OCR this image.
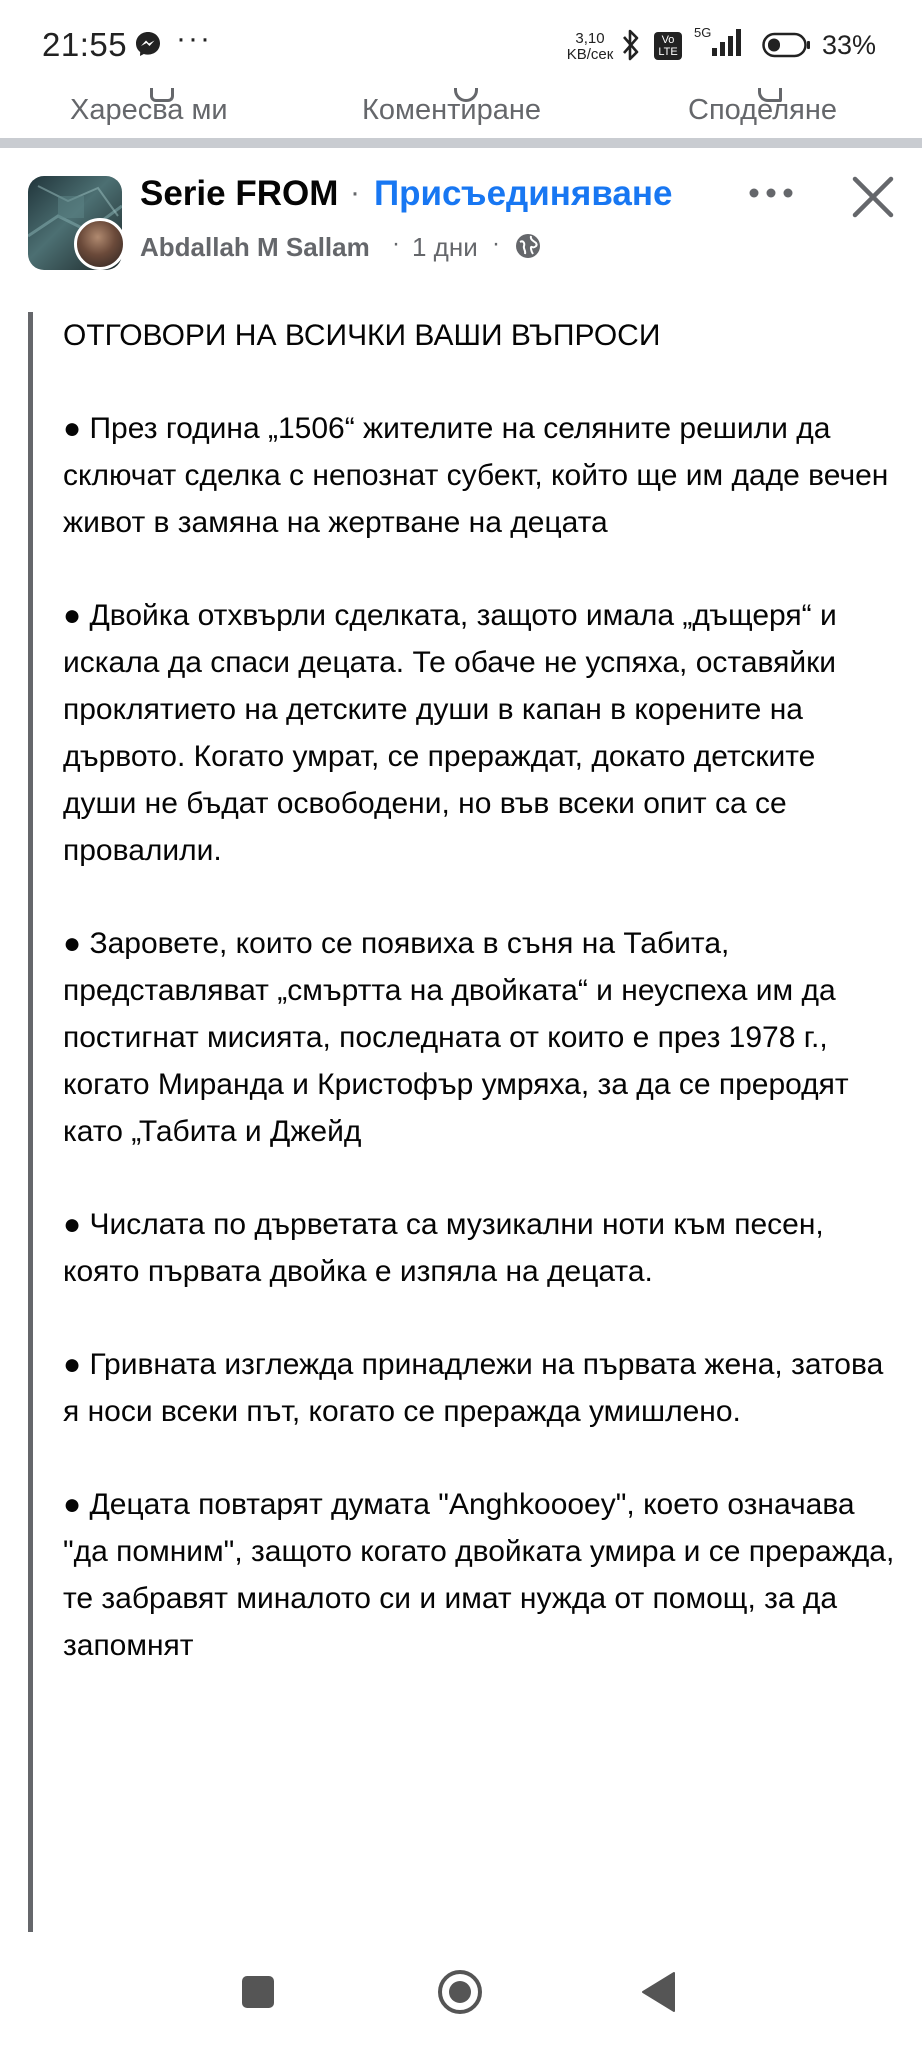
21:55 ···	3,10
KB/сек
Vo LTE
5G	33%
Харесва ми	Коментиране	Споделяне
Serie FROM · Присъединяване
Abdallah M Sallam · 1 дни ·

ОТГОВОРИ НА ВСИЧКИ ВАШИ ВЪПРОСИ

● През година „1506“ жителите на селяните решили да сключат сделка с непознат субект, който ще им даде вечен живот в замяна на жертване на децата

● Двойка отхвърли сделката, защото имала „дъщеря“ и искала да спаси децата. Те обаче не успяха, оставяйки проклятието на детските души в капан в корените на дървото. Когато умрат, се прераждат, докато детските души не бъдат освободени, но във всеки опит са се провалили.

● Заровете, които се появиха в съня на Табита, представляват „смъртта на двойката“ и неуспеха им да постигнат мисията, последната от които е през 1978 г., когато Миранда и Кристофър умряха, за да се преродят като „Табита и Джейд

● Числата по дърветата са музикални ноти към песен, която първата двойка е изпяла на децата.

● Гривната изглежда принадлежи на първата жена, затова я носи всеки път, когато се преражда умишлено.

● Децата повтарят думата "Anghkoooey", което означава "да помним", защото когато двойката умира и се преражда, те забравят миналото си и имат нужда от помощ, за да запомнят
